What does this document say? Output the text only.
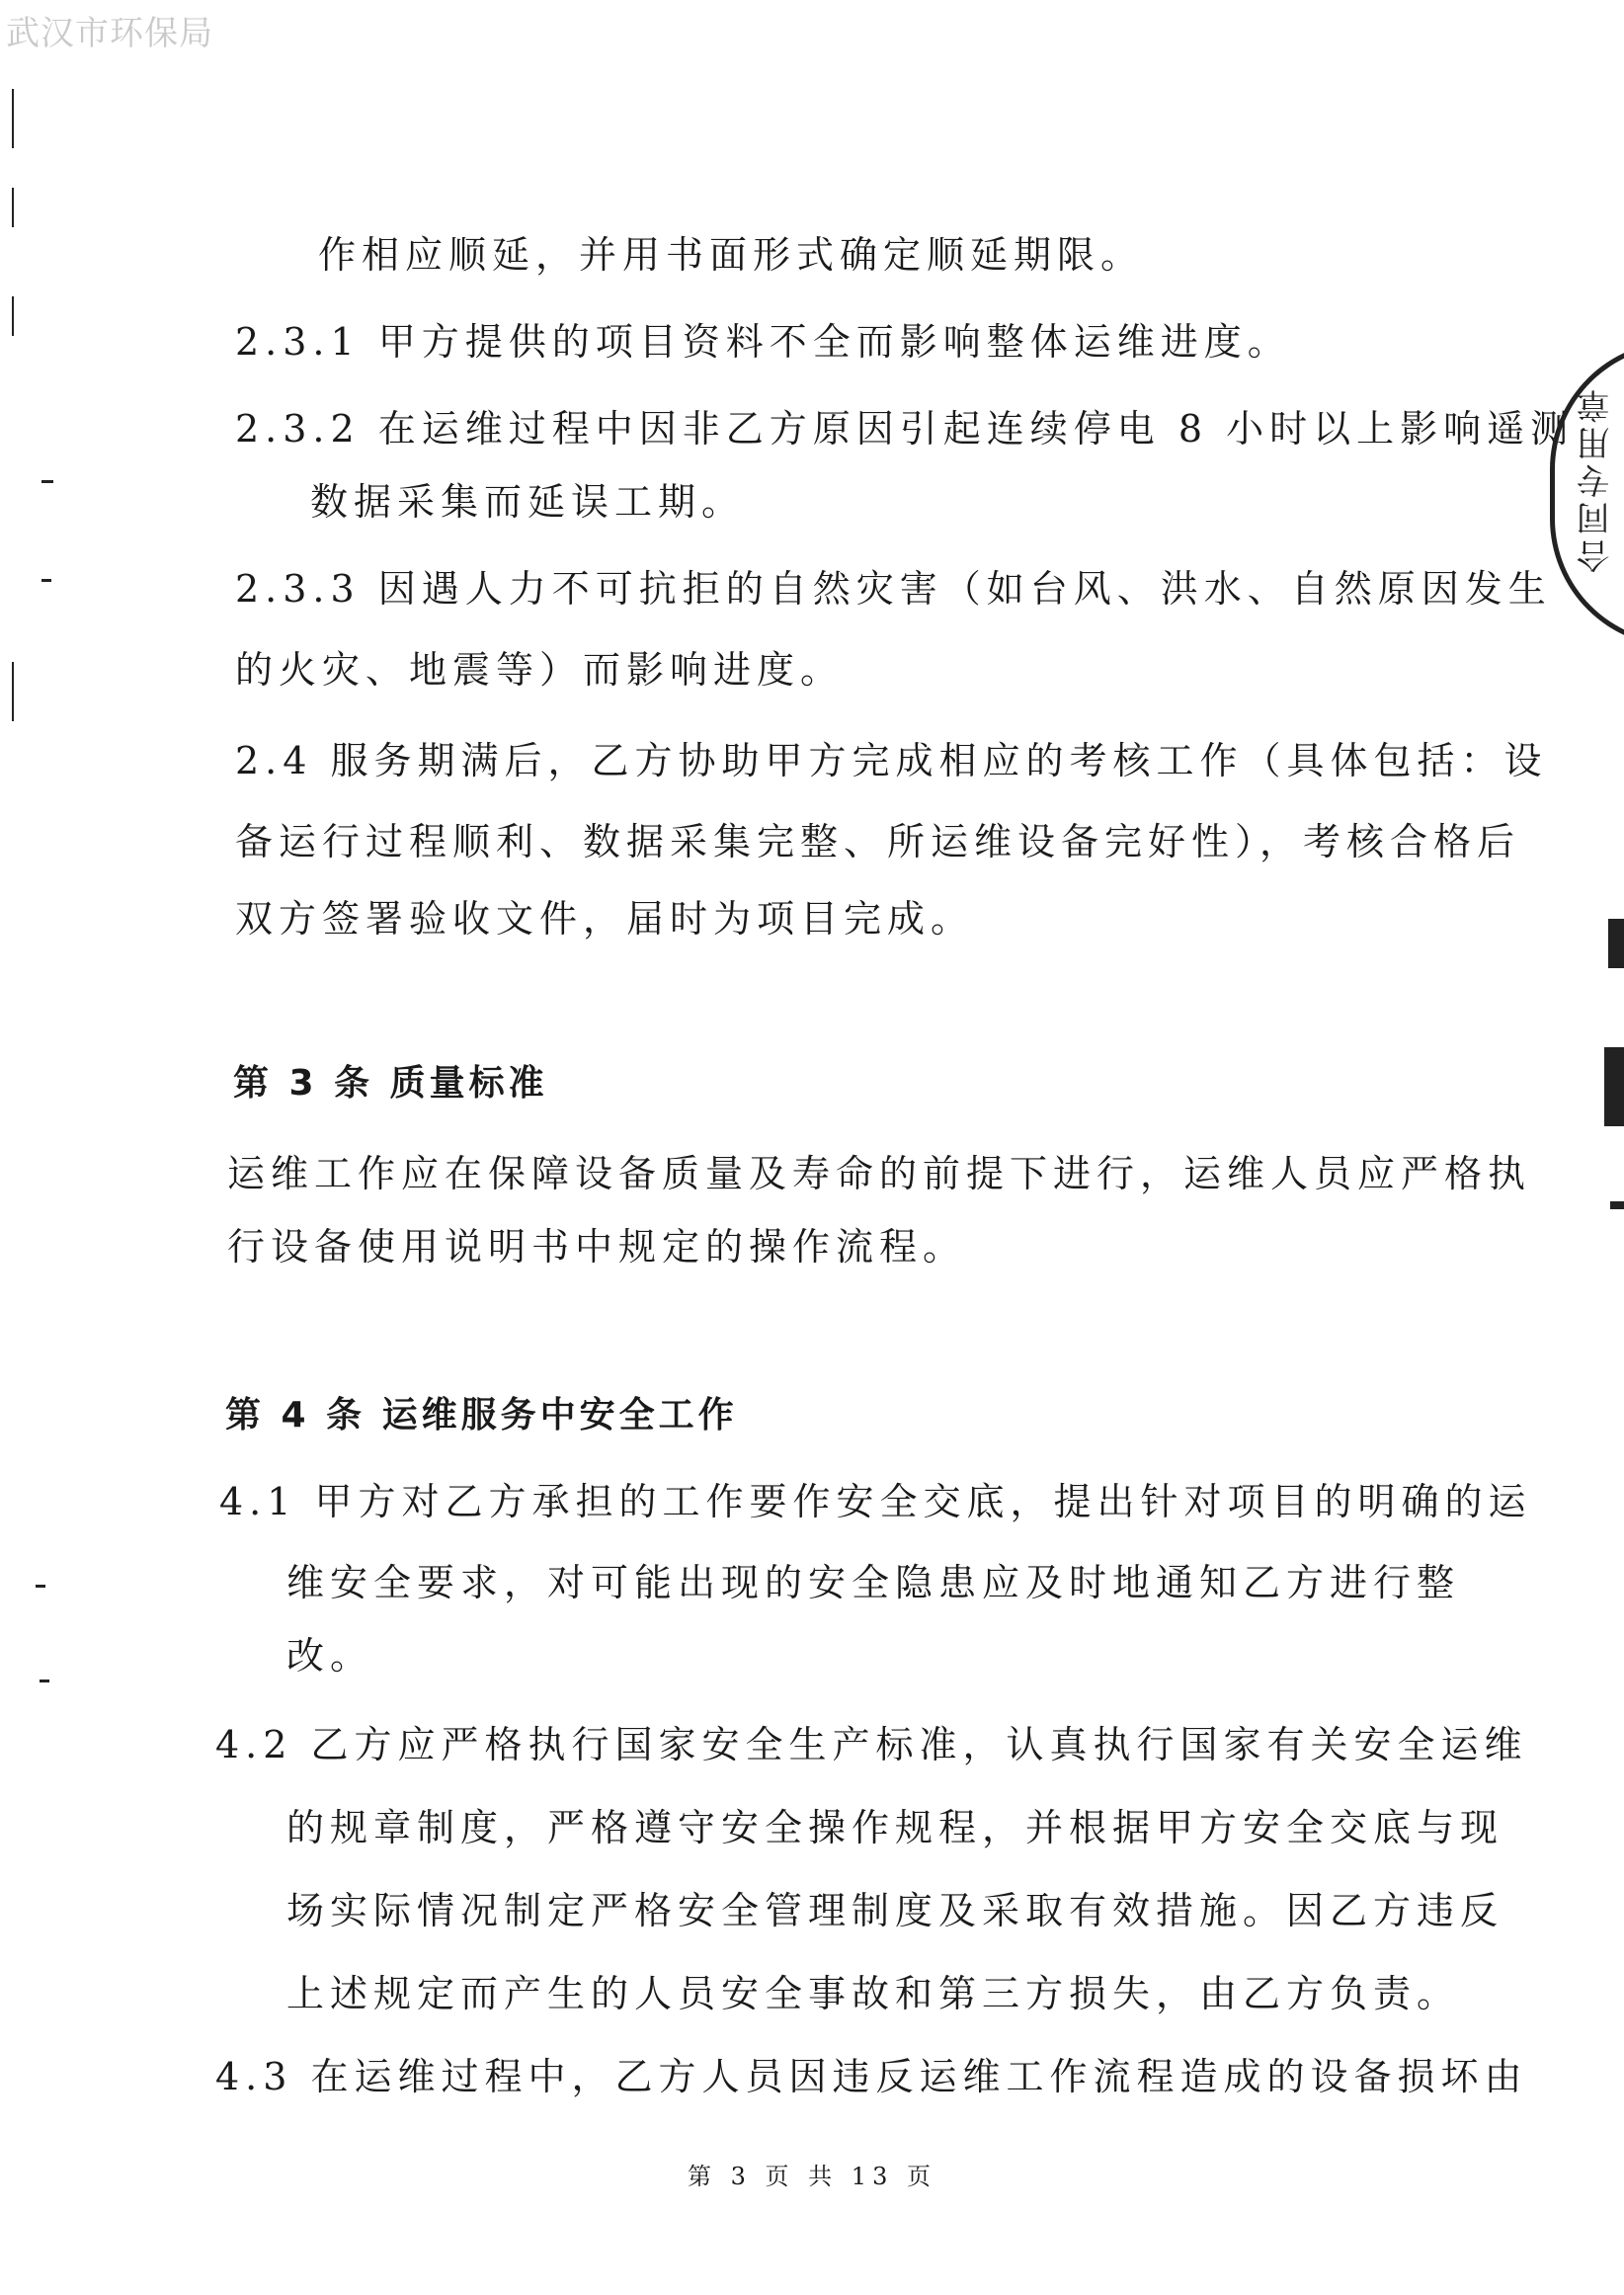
武汉市环保局

作相应顺延，并用书面形式确定顺延期限。

2.3.1 甲方提供的项目资料不全而影响整体运维进度。

2.3.2 在运维过程中因非乙方原因引起连续停电 8 小时以上影响遥测

数据采集而延误工期。

2.3.3 因遇人力不可抗拒的自然灾害（如台风、洪水、自然原因发生

的火灾、地震等）而影响进度。

2.4 服务期满后，乙方协助甲方完成相应的考核工作（具体包括：设

备运行过程顺利、数据采集完整、所运维设备完好性），考核合格后

双方签署验收文件，届时为项目完成。

第 3 条 质量标准

运维工作应在保障设备质量及寿命的前提下进行，运维人员应严格执

行设备使用说明书中规定的操作流程。

第 4 条 运维服务中安全工作

4.1 甲方对乙方承担的工作要作安全交底，提出针对项目的明确的运

维安全要求，对可能出现的安全隐患应及时地通知乙方进行整

改。

4.2 乙方应严格执行国家安全生产标准，认真执行国家有关安全运维

的规章制度，严格遵守安全操作规程，并根据甲方安全交底与现

场实际情况制定严格安全管理制度及采取有效措施。因乙方违反

上述规定而产生的人员安全事故和第三方损失，由乙方负责。

4.3 在运维过程中，乙方人员因违反运维工作流程造成的设备损坏由

第 3 页 共 13 页
合同专用章
